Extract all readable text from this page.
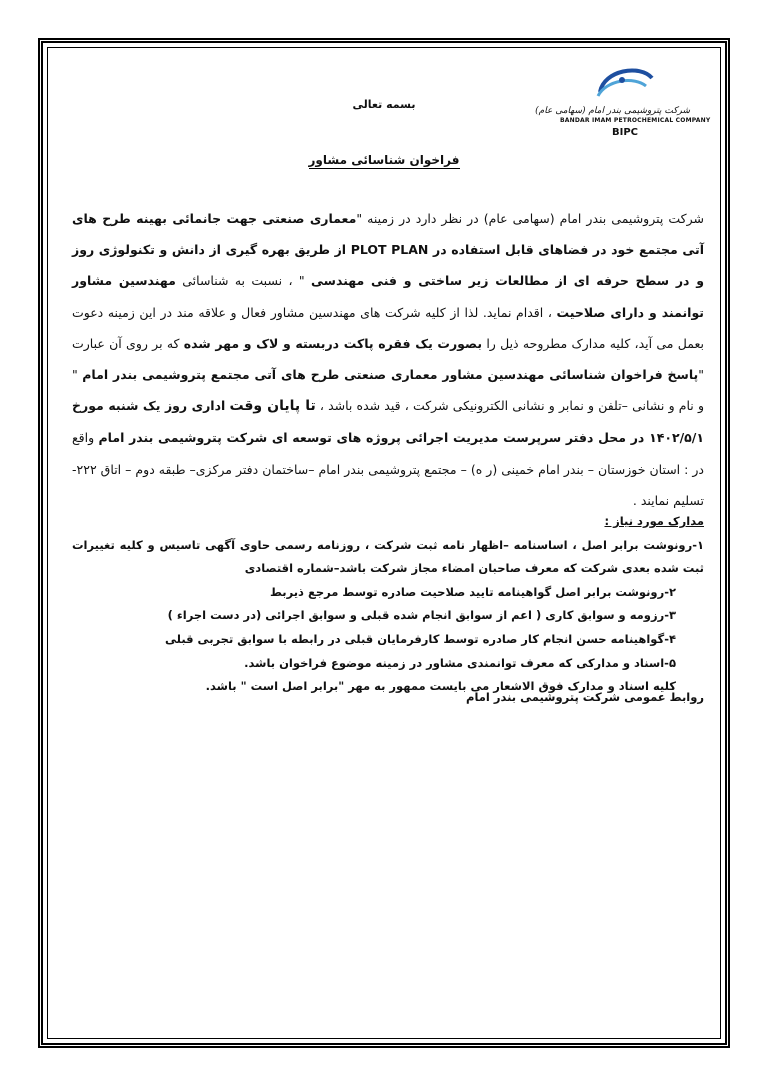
شرکت پتروشیمی بندر امام (سهامی عام)
BANDAR IMAM PETROCHEMICAL COMPANY
BIPC
بسمه تعالی
فراخوان شناسائی مشاور
شرکت پتروشیمی بندر امام (سهامی عام) در نظر دارد در زمینه "معماری صنعتی جهت جانمائی بهینه طرح های آتی مجتمع خود در فضاهای قابل استفاده در PLOT PLAN از طریق بهره گیری از دانش و تکنولوژی روز و در سطح حرفه ای از مطالعات زیر ساختی و فنی مهندسی " ، نسبت به شناسائی مهندسین مشاور توانمند و دارای صلاحیت ، اقدام نماید. لذا از کلیه شرکت های مهندسین مشاور فعال و علاقه مند در این زمینه دعوت بعمل می آید، کلیه مدارک مطروحه ذیل را بصورت یک فقره پاکت دربسته و لاک و مهر شده که بر روی آن عبارت "پاسخ فراخوان شناسائی مهندسین مشاور معماری صنعتی طرح های آتی مجتمع پتروشیمی بندر امام " و نام و نشانی –تلفن و نمابر و نشانی الکترونیکی شرکت ، قید شده باشد ، تا پایان وقت اداری روز یک شنبه مورخ ۱۴۰۲/۵/۱ در محل دفتر سرپرست مدیریت اجرائی پروژه های توسعه ای شرکت پتروشیمی بندر امام واقع در : استان خوزستان – بندر امام خمینی (ر ه) – مجتمع پتروشیمی بندر امام –ساختمان دفتر مرکزی– طبقه دوم – اتاق ۲۲۲- تسلیم نمایند .
مدارک مورد نیاز :
۱-رونوشت برابر اصل ، اساسنامه –اظهار نامه ثبت شرکت ، روزنامه رسمی حاوی آگهی تاسیس و کلیه تغییرات ثبت شده بعدی شرکت که معرف صاحبان امضاء مجاز شرکت باشد–شماره اقتصادی
۲-رونوشت برابر اصل گواهینامه تایید صلاحیت صادره توسط مرجع ذیربط
۳-رزومه و سوابق کاری ( اعم از سوابق انجام شده قبلی و سوابق اجرائی (در دست اجراء )
۴-گواهینامه حسن انجام کار صادره توسط کارفرمایان قبلی در رابطه با سوابق تجربی قبلی
۵-اسناد و مدارکی که معرف توانمندی مشاور در زمینه موضوع فراخوان باشد.
کلیه اسناد و مدارک فوق الاشعار می بایست ممهور به مهر "برابر اصل است " باشد.
روابط عمومی شرکت پتروشیمی بندر امام
